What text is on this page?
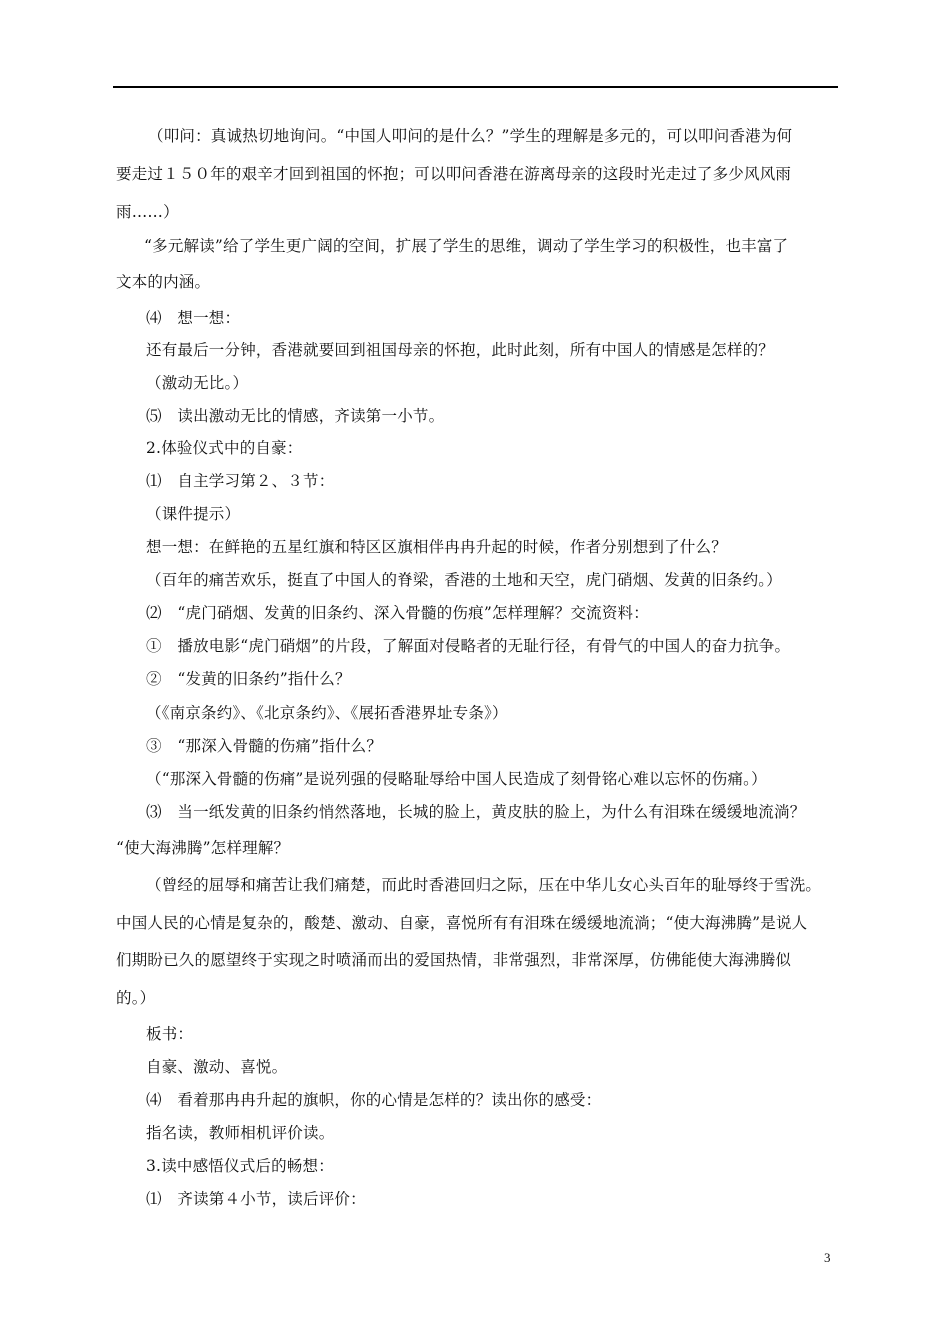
（叩问：真诚热切地询问。“中国人叩问的是什么？”学生的理解是多元的，可以叩问香港为何
要走过１５０年的艰辛才回到祖国的怀抱；可以叩问香港在游离母亲的这段时光走过了多少风风雨
雨……）
“多元解读”给了学生更广阔的空间，扩展了学生的思维，调动了学生学习的积极性，也丰富了
文本的内涵。
⑷　想一想：
还有最后一分钟，香港就要回到祖国母亲的怀抱，此时此刻，所有中国人的情感是怎样的？
（激动无比。）
⑸　读出激动无比的情感，齐读第一小节。
2.体验仪式中的自豪：
⑴　自主学习第２、３节：
（课件提示）
想一想：在鲜艳的五星红旗和特区区旗相伴冉冉升起的时候，作者分别想到了什么？
（百年的痛苦欢乐，挺直了中国人的脊梁，香港的土地和天空，虎门硝烟、发黄的旧条约。）
⑵　“虎门硝烟、发黄的旧条约、深入骨髓的伤痕”怎样理解？交流资料：
①　播放电影“虎门硝烟”的片段，了解面对侵略者的无耻行径，有骨气的中国人的奋力抗争。
②　“发黄的旧条约”指什么？
（《南京条约》、《北京条约》、《展拓香港界址专条》）
③　“那深入骨髓的伤痛”指什么？
（“那深入骨髓的伤痛”是说列强的侵略耻辱给中国人民造成了刻骨铭心难以忘怀的伤痛。）
⑶　当一纸发黄的旧条约悄然落地，长城的脸上，黄皮肤的脸上，为什么有泪珠在缓缓地流淌？
“使大海沸腾”怎样理解？
（曾经的屈辱和痛苦让我们痛楚，而此时香港回归之际，压在中华儿女心头百年的耻辱终于雪洗。
中国人民的心情是复杂的，酸楚、激动、自豪，喜悦所有有泪珠在缓缓地流淌；“使大海沸腾”是说人
们期盼已久的愿望终于实现之时喷涌而出的爱国热情，非常强烈，非常深厚，仿佛能使大海沸腾似
的。）
板书：
自豪、激动、喜悦。
⑷　看着那冉冉升起的旗帜，你的心情是怎样的？读出你的感受：
指名读，教师相机评价读。
3.读中感悟仪式后的畅想：
⑴　齐读第４小节，读后评价：
3
